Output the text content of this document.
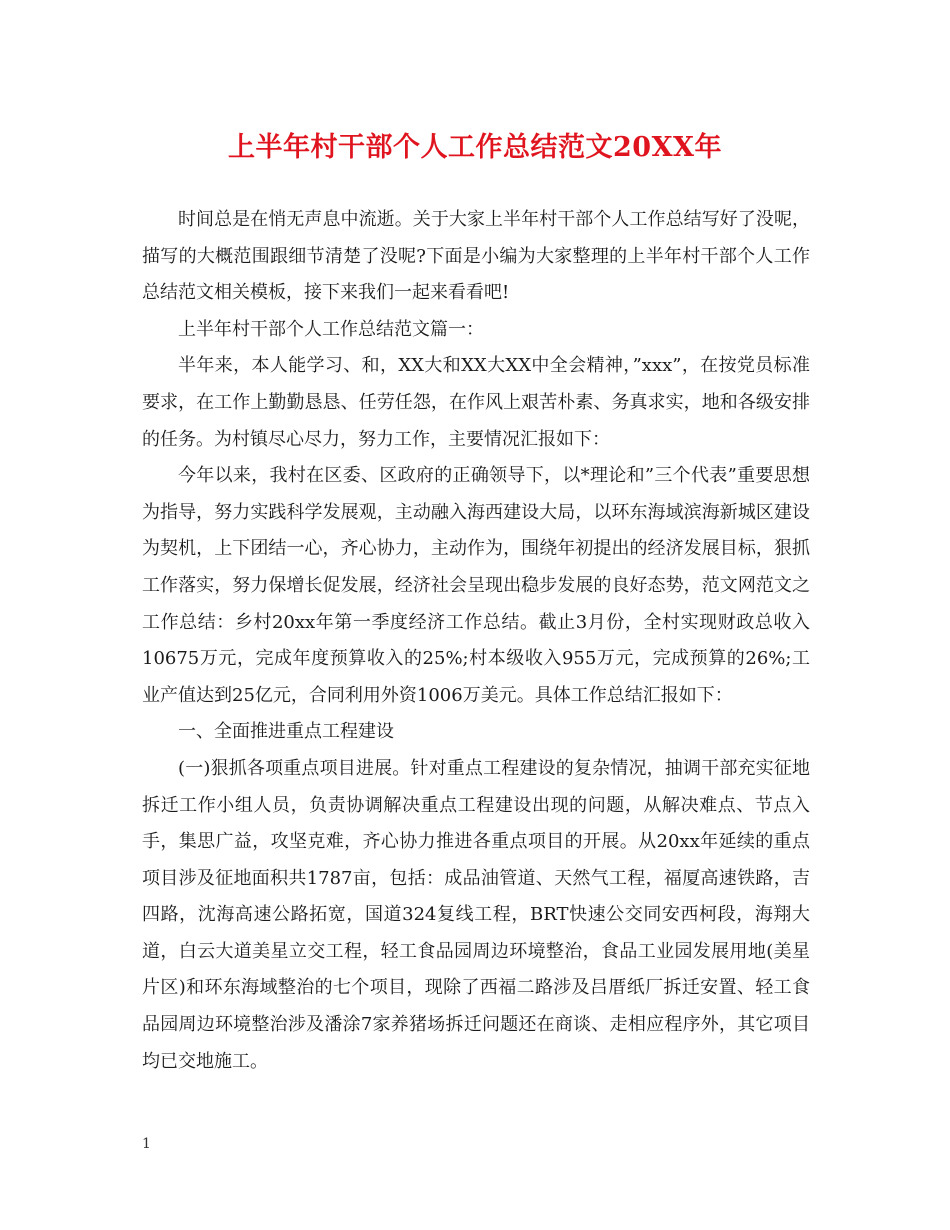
上半年村干部个人工作总结范文20XX年

时间总是在悄无声息中流逝。关于大家上半年村干部个人工作总结写好了没呢，描写的大概范围跟细节清楚了没呢?下面是小编为大家整理的上半年村干部个人工作总结范文相关模板，接下来我们一起来看看吧!

上半年村干部个人工作总结范文篇一：

半年来，本人能学习、和，XX大和XX大XX中全会精神，”xxx”，在按党员标准要求，在工作上勤勤恳恳、任劳任怨，在作风上艰苦朴素、务真求实，地和各级安排的任务。为村镇尽心尽力，努力工作，主要情况汇报如下：

今年以来，我村在区委、区政府的正确领导下，以*理论和”三个代表”重要思想为指导，努力实践科学发展观，主动融入海西建设大局，以环东海域滨海新城区建设为契机，上下团结一心，齐心协力，主动作为，围绕年初提出的经济发展目标，狠抓工作落实，努力保增长促发展，经济社会呈现出稳步发展的良好态势，范文网范文之工作总结：乡村20xx年第一季度经济工作总结。截止3月份，全村实现财政总收入10675万元，完成年度预算收入的25%;村本级收入955万元，完成预算的26%;工业产值达到25亿元，合同利用外资1006万美元。具体工作总结汇报如下：

一、全面推进重点工程建设

(一)狠抓各项重点项目进展。针对重点工程建设的复杂情况，抽调干部充实征地拆迁工作小组人员，负责协调解决重点工程建设出现的问题，从解决难点、节点入手，集思广益，攻坚克难，齐心协力推进各重点项目的开展。从20xx年延续的重点项目涉及征地面积共1787亩，包括：成品油管道、天然气工程，福厦高速铁路，吉四路，沈海高速公路拓宽，国道324复线工程，BRT快速公交同安西柯段，海翔大道，白云大道美星立交工程，轻工食品园周边环境整治，食品工业园发展用地(美星片区)和环东海域整治的七个项目，现除了西福二路涉及吕厝纸厂拆迁安置、轻工食品园周边环境整治涉及潘涂7家养猪场拆迁问题还在商谈、走相应程序外，其它项目均已交地施工。

1
